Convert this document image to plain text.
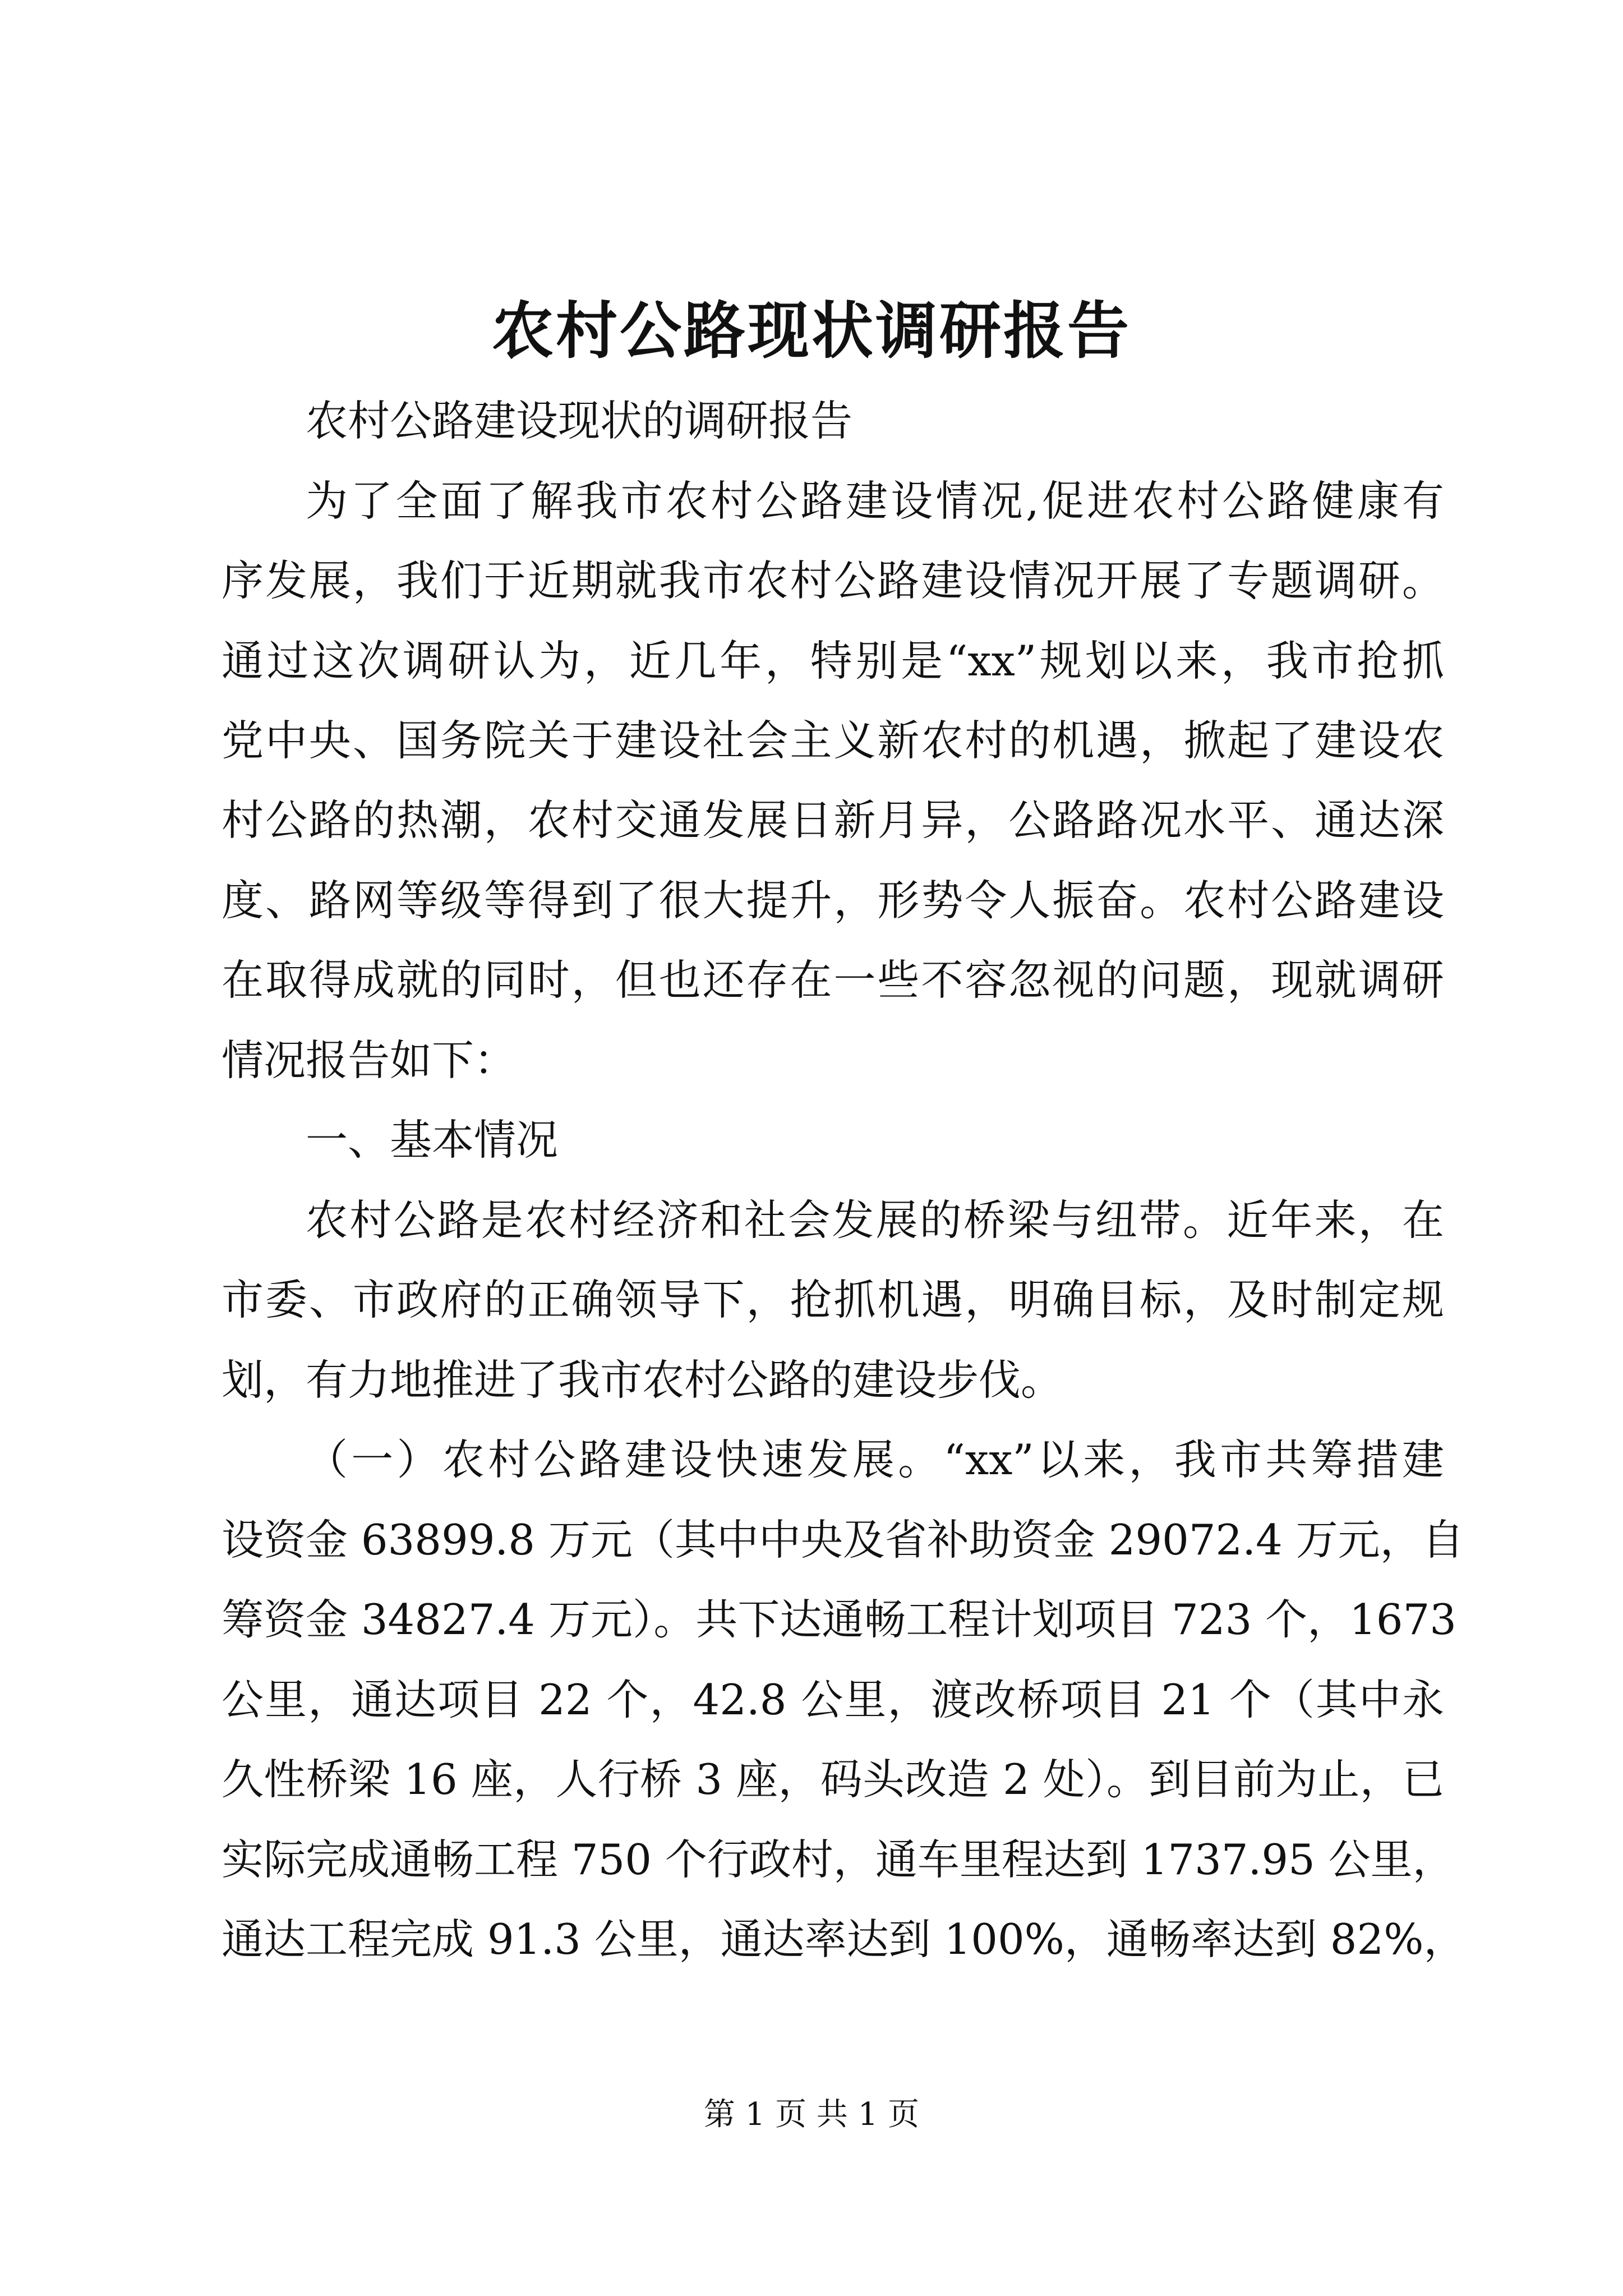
农村公路现状调研报告
农村公路建设现状的调研报告
为了全面了解我市农村公路建设情况,促进农村公路健康有
序发展，我们于近期就我市农村公路建设情况开展了专题调研。
通过这次调研认为，近几年，特别是“xx”规划以来，我市抢抓
党中央、国务院关于建设社会主义新农村的机遇，掀起了建设农
村公路的热潮，农村交通发展日新月异，公路路况水平、通达深
度、路网等级等得到了很大提升，形势令人振奋。农村公路建设
在取得成就的同时，但也还存在一些不容忽视的问题，现就调研
情况报告如下：
一、基本情况
农村公路是农村经济和社会发展的桥梁与纽带。近年来，在
市委、市政府的正确领导下，抢抓机遇，明确目标，及时制定规
划，有力地推进了我市农村公路的建设步伐。
（一）农村公路建设快速发展。“xx”以来，我市共筹措建
设资金 63899.8 万元（其中中央及省补助资金 29072.4 万元，自
筹资金 34827.4 万元）。共下达通畅工程计划项目 723 个，1673
公里，通达项目 22 个，42.8 公里，渡改桥项目 21 个（其中永
久性桥梁 16 座，人行桥 3 座，码头改造 2 处）。到目前为止，已
实际完成通畅工程 750 个行政村，通车里程达到 1737.95 公里，
通达工程完成 91.3 公里，通达率达到 100%，通畅率达到 82%，
第 1 页 共 1 页
